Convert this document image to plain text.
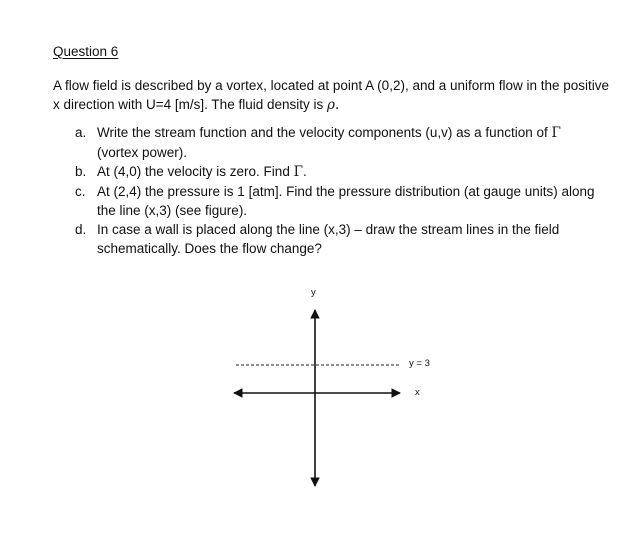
Question 6
A flow field is described by a vortex, located at point A (0,2), and a uniform flow in the positive x direction with U=4 [m/s]. The fluid density is ρ.
a. Write the stream function and the velocity components (u,v) as a function of Γ
(vortex power).
b. At (4,0) the velocity is zero. Find Γ.
c. At (2,4) the pressure is 1 [atm]. Find the pressure distribution (at gauge units) along the line (x,3) (see figure).
d. In case a wall is placed along the line (x,3) – draw the stream lines in the field schematically. Does the flow change?
y
y = 3
x
